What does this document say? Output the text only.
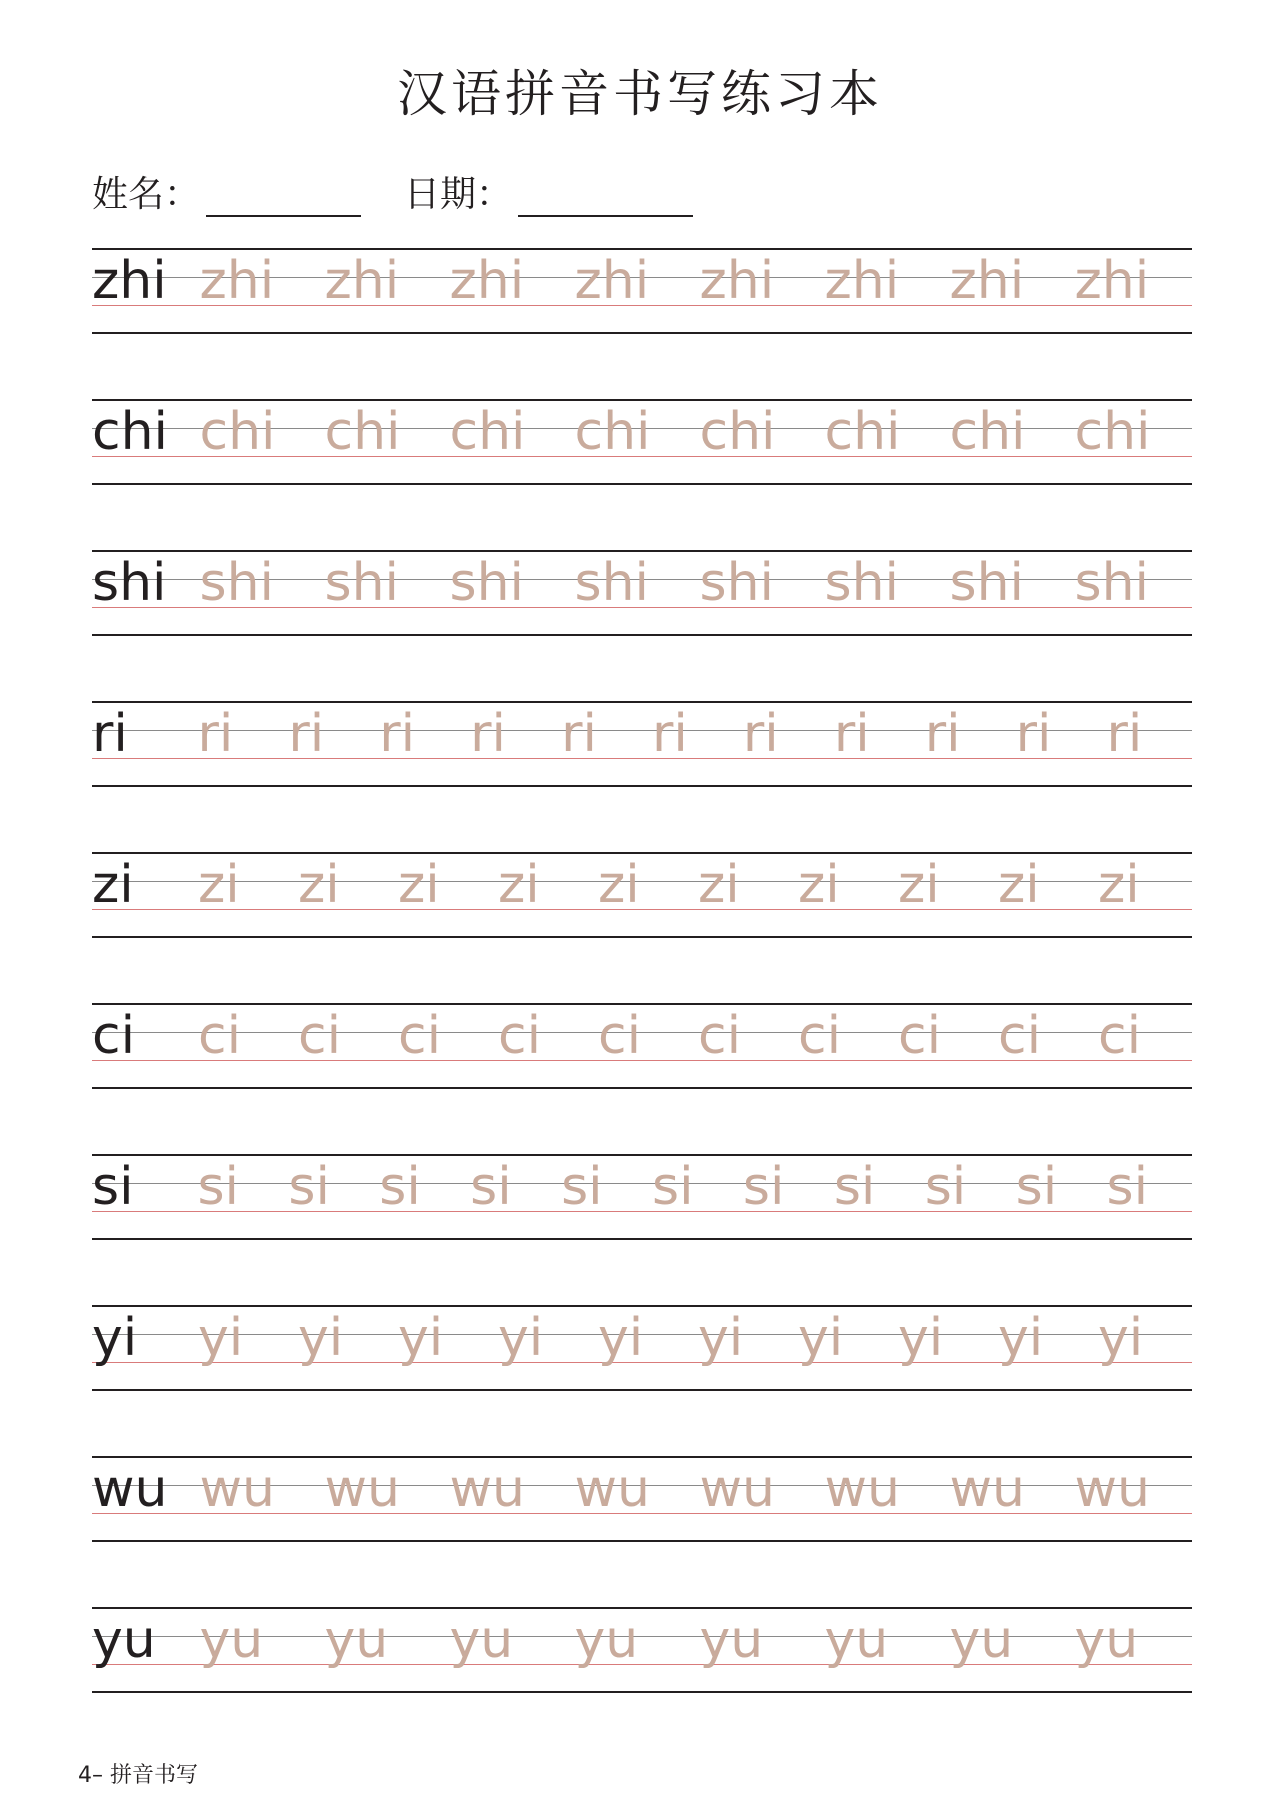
汉语拼音书写练习本
姓名：	日期：
zhi zhi zhi zhi zhi zhi zhi zhi zhi
chi chi chi chi chi chi chi chi chi
shi shi shi shi shi shi shi shi shi
ri ri ri ri ri ri ri ri ri ri ri ri
zi zi zi zi zi zi zi zi zi zi zi
ci ci ci ci ci ci ci ci ci ci ci
si si si si si si si si si si si si
yi yi yi yi yi yi yi yi yi yi yi
wu wu wu wu wu wu wu wu wu
yu yu yu yu yu yu yu yu yu
4– 拼音书写
